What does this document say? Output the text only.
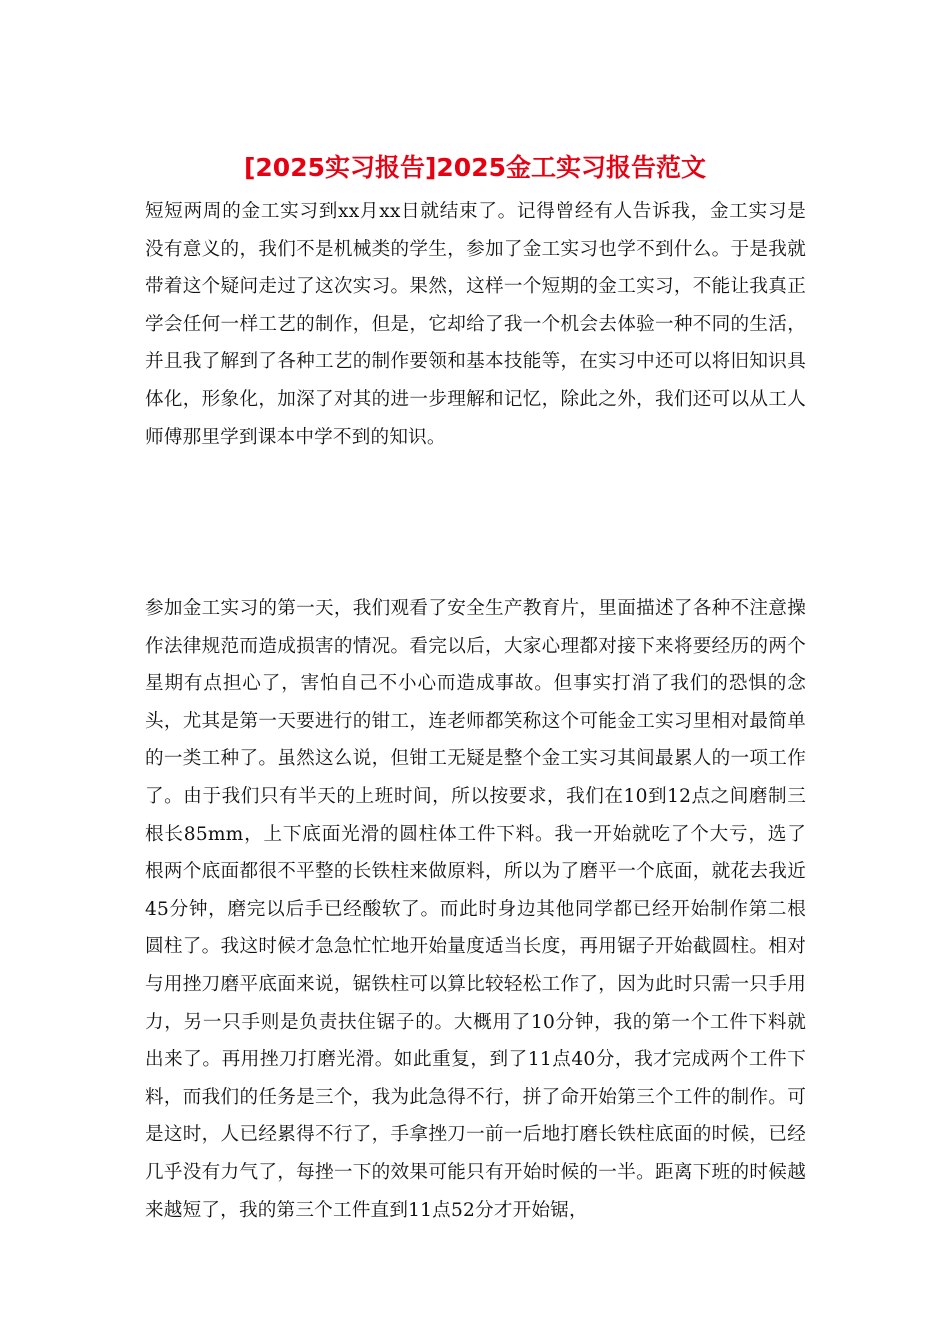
[2025实习报告]2025金工实习报告范文

短短两周的金工实习到xx月xx日就结束了。记得曾经有人告诉我，金工实习是没有意义的，我们不是机械类的学生，参加了金工实习也学不到什么。于是我就带着这个疑问走过了这次实习。果然，这样一个短期的金工实习，不能让我真正学会任何一样工艺的制作，但是，它却给了我一个机会去体验一种不同的生活，并且我了解到了各种工艺的制作要领和基本技能等，在实习中还可以将旧知识具体化，形象化，加深了对其的进一步理解和记忆，除此之外，我们还可以从工人师傅那里学到课本中学不到的知识。

参加金工实习的第一天，我们观看了安全生产教育片，里面描述了各种不注意操作法律规范而造成损害的情况。看完以后，大家心理都对接下来将要经历的两个星期有点担心了，害怕自己不小心而造成事故。但事实打消了我们的恐惧的念头，尤其是第一天要进行的钳工，连老师都笑称这个可能金工实习里相对最简单的一类工种了。虽然这么说，但钳工无疑是整个金工实习其间最累人的一项工作了。由于我们只有半天的上班时间，所以按要求，我们在10到12点之间磨制三根长85mm，上下底面光滑的圆柱体工件下料。我一开始就吃了个大亏，选了根两个底面都很不平整的长铁柱来做原料，所以为了磨平一个底面，就花去我近45分钟，磨完以后手已经酸软了。而此时身边其他同学都已经开始制作第二根圆柱了。我这时候才急急忙忙地开始量度适当长度，再用锯子开始截圆柱。相对与用挫刀磨平底面来说，锯铁柱可以算比较轻松工作了，因为此时只需一只手用力，另一只手则是负责扶住锯子的。大概用了10分钟，我的第一个工件下料就出来了。再用挫刀打磨光滑。如此重复，到了11点40分，我才完成两个工件下料，而我们的任务是三个，我为此急得不行，拼了命开始第三个工件的制作。可是这时，人已经累得不行了，手拿挫刀一前一后地打磨长铁柱底面的时候，已经几乎没有力气了，每挫一下的效果可能只有开始时候的一半。距离下班的时候越来越短了，我的第三个工件直到11点52分才开始锯，
